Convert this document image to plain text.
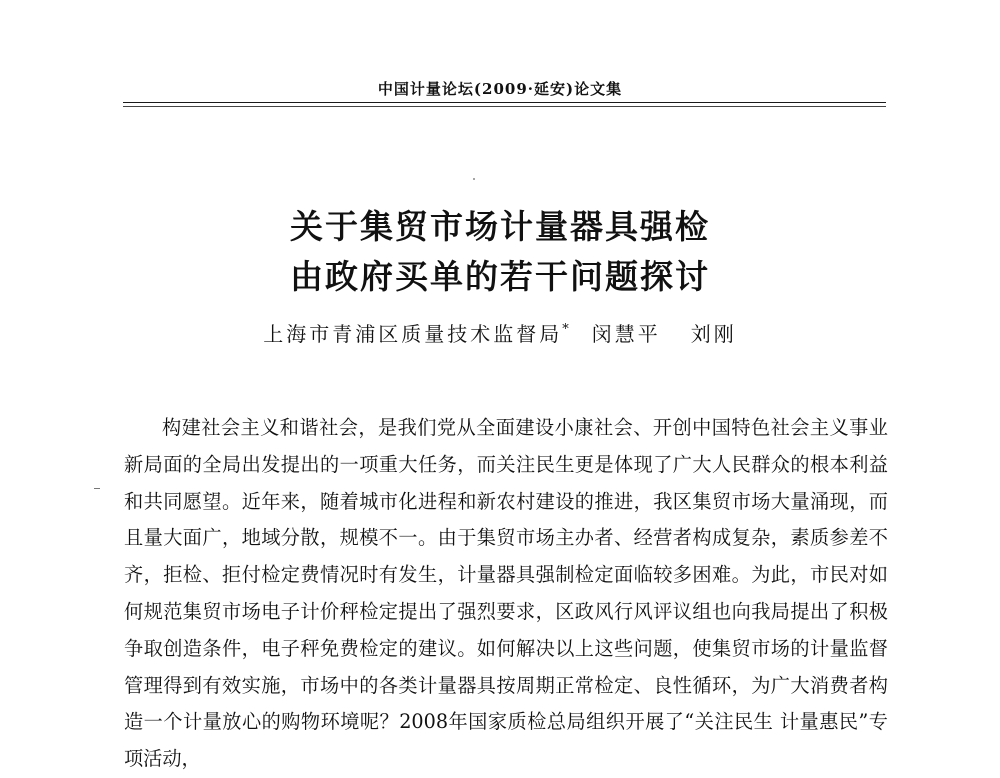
中国计量论坛(2009·延安)论文集
关于集贸市场计量器具强检
由政府买单的若干问题探讨
上海市青浦区质量技术监督局* 闵慧平 刘刚

构建社会主义和谐社会，是我们党从全面建设小康社会、开创中国特色社会主义事业新局面的全局出发提出的一项重大任务，而关注民生更是体现了广大人民群众的根本利益和共同愿望。近年来，随着城市化进程和新农村建设的推进，我区集贸市场大量涌现，而且量大面广，地域分散，规模不一。由于集贸市场主办者、经营者构成复杂，素质参差不齐，拒检、拒付检定费情况时有发生，计量器具强制检定面临较多困难。为此，市民对如何规范集贸市场电子计价秤检定提出了强烈要求，区政风行风评议组也向我局提出了积极争取创造条件，电子秤免费检定的建议。如何解决以上这些问题，使集贸市场的计量监督管理得到有效实施，市场中的各类计量器具按周期正常检定、良性循环，为广大消费者构造一个计量放心的购物环境呢？2008年国家质检总局组织开展了“关注民生 计量惠民”专项活动，
